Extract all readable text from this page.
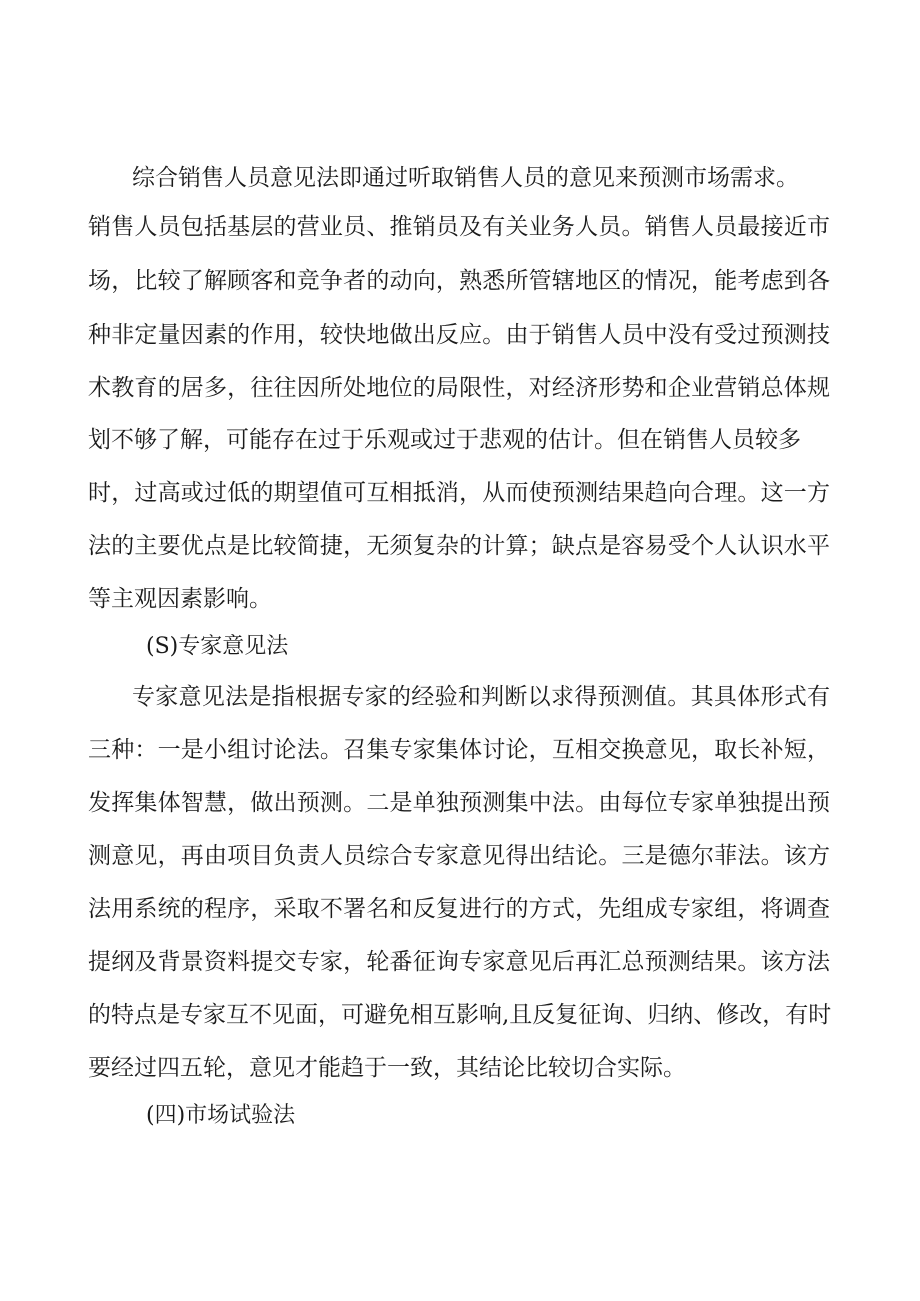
综合销售人员意见法即通过听取销售人员的意见来预测市场需求。
销售人员包括基层的营业员、推销员及有关业务人员。销售人员最接近市
场，比较了解顾客和竞争者的动向，熟悉所管辖地区的情况，能考虑到各
种非定量因素的作用，较快地做出反应。由于销售人员中没有受过预测技
术教育的居多，往往因所处地位的局限性，对经济形势和企业营销总体规
划不够了解，可能存在过于乐观或过于悲观的估计。但在销售人员较多
时，过高或过低的期望值可互相抵消，从而使预测结果趋向合理。这一方
法的主要优点是比较简捷，无须复杂的计算；缺点是容易受个人认识水平
等主观因素影响。
(S)专家意见法
专家意见法是指根据专家的经验和判断以求得预测值。其具体形式有
三种：一是小组讨论法。召集专家集体讨论，互相交换意见，取长补短，
发挥集体智慧，做出预测。二是单独预测集中法。由每位专家单独提出预
测意见，再由项目负责人员综合专家意见得出结论。三是德尔菲法。该方
法用系统的程序，采取不署名和反复进行的方式，先组成专家组，将调查
提纲及背景资料提交专家，轮番征询专家意见后再汇总预测结果。该方法
的特点是专家互不见面，可避免相互影响,且反复征询、归纳、修改，有时
要经过四五轮，意见才能趋于一致，其结论比较切合实际。
(四)市场试验法
